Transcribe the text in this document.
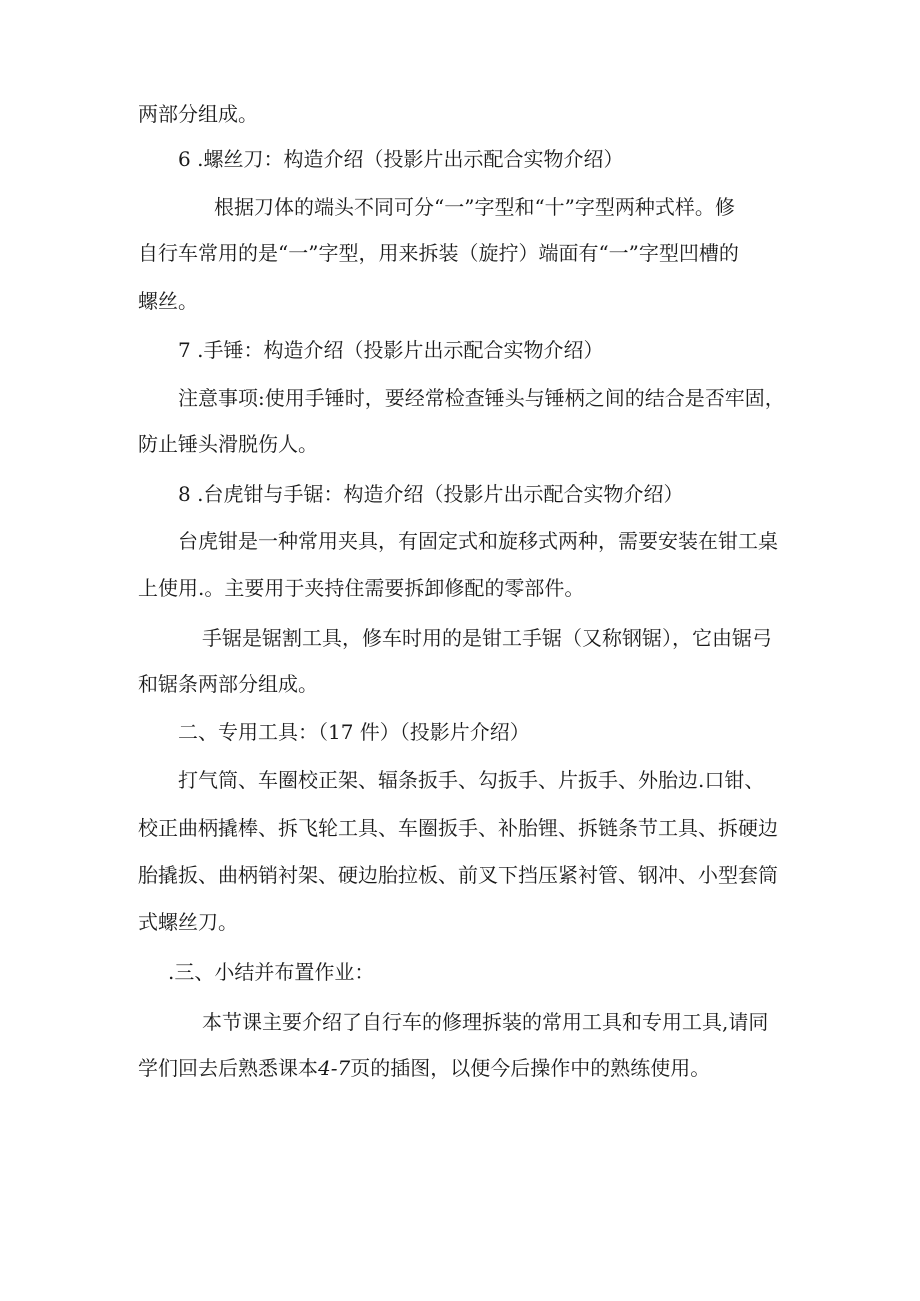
两部分组成。
6 .螺丝刀：构造介绍（投影片出示配合实物介绍）
根据刀体的端头不同可分“一”字型和“十”字型两种式样。修
自行车常用的是“一”字型，用来拆装（旋拧）端面有“一”字型凹槽的
螺丝。
7 .手锤：构造介绍（投影片出示配合实物介绍）
注意事项:使用手锤时，要经常检查锤头与锤柄之间的结合是否牢固，
防止锤头滑脱伤人。
8 .台虎钳与手锯：构造介绍（投影片出示配合实物介绍）
台虎钳是一种常用夹具，有固定式和旋移式两种，需要安装在钳工桌
上使用.。主要用于夹持住需要拆卸修配的零部件。
手锯是锯割工具，修车时用的是钳工手锯（又称钢锯），它由锯弓
和锯条两部分组成。
二、专用工具：（17 件）（投影片介绍）
打气筒、车圈校正架、辐条扳手、勾扳手、片扳手、外胎边.口钳、
校正曲柄撬棒、拆飞轮工具、车圈扳手、补胎锂、拆链条节工具、拆硬边
胎撬扳、曲柄销衬架、硬边胎拉板、前叉下挡压紧衬管、钢冲、小型套筒
式螺丝刀。
.三、小结并布置作业：
本节课主要介绍了自行车的修理拆装的常用工具和专用工具,请同
学们回去后熟悉课本4-7页的插图，以便今后操作中的熟练使用。
